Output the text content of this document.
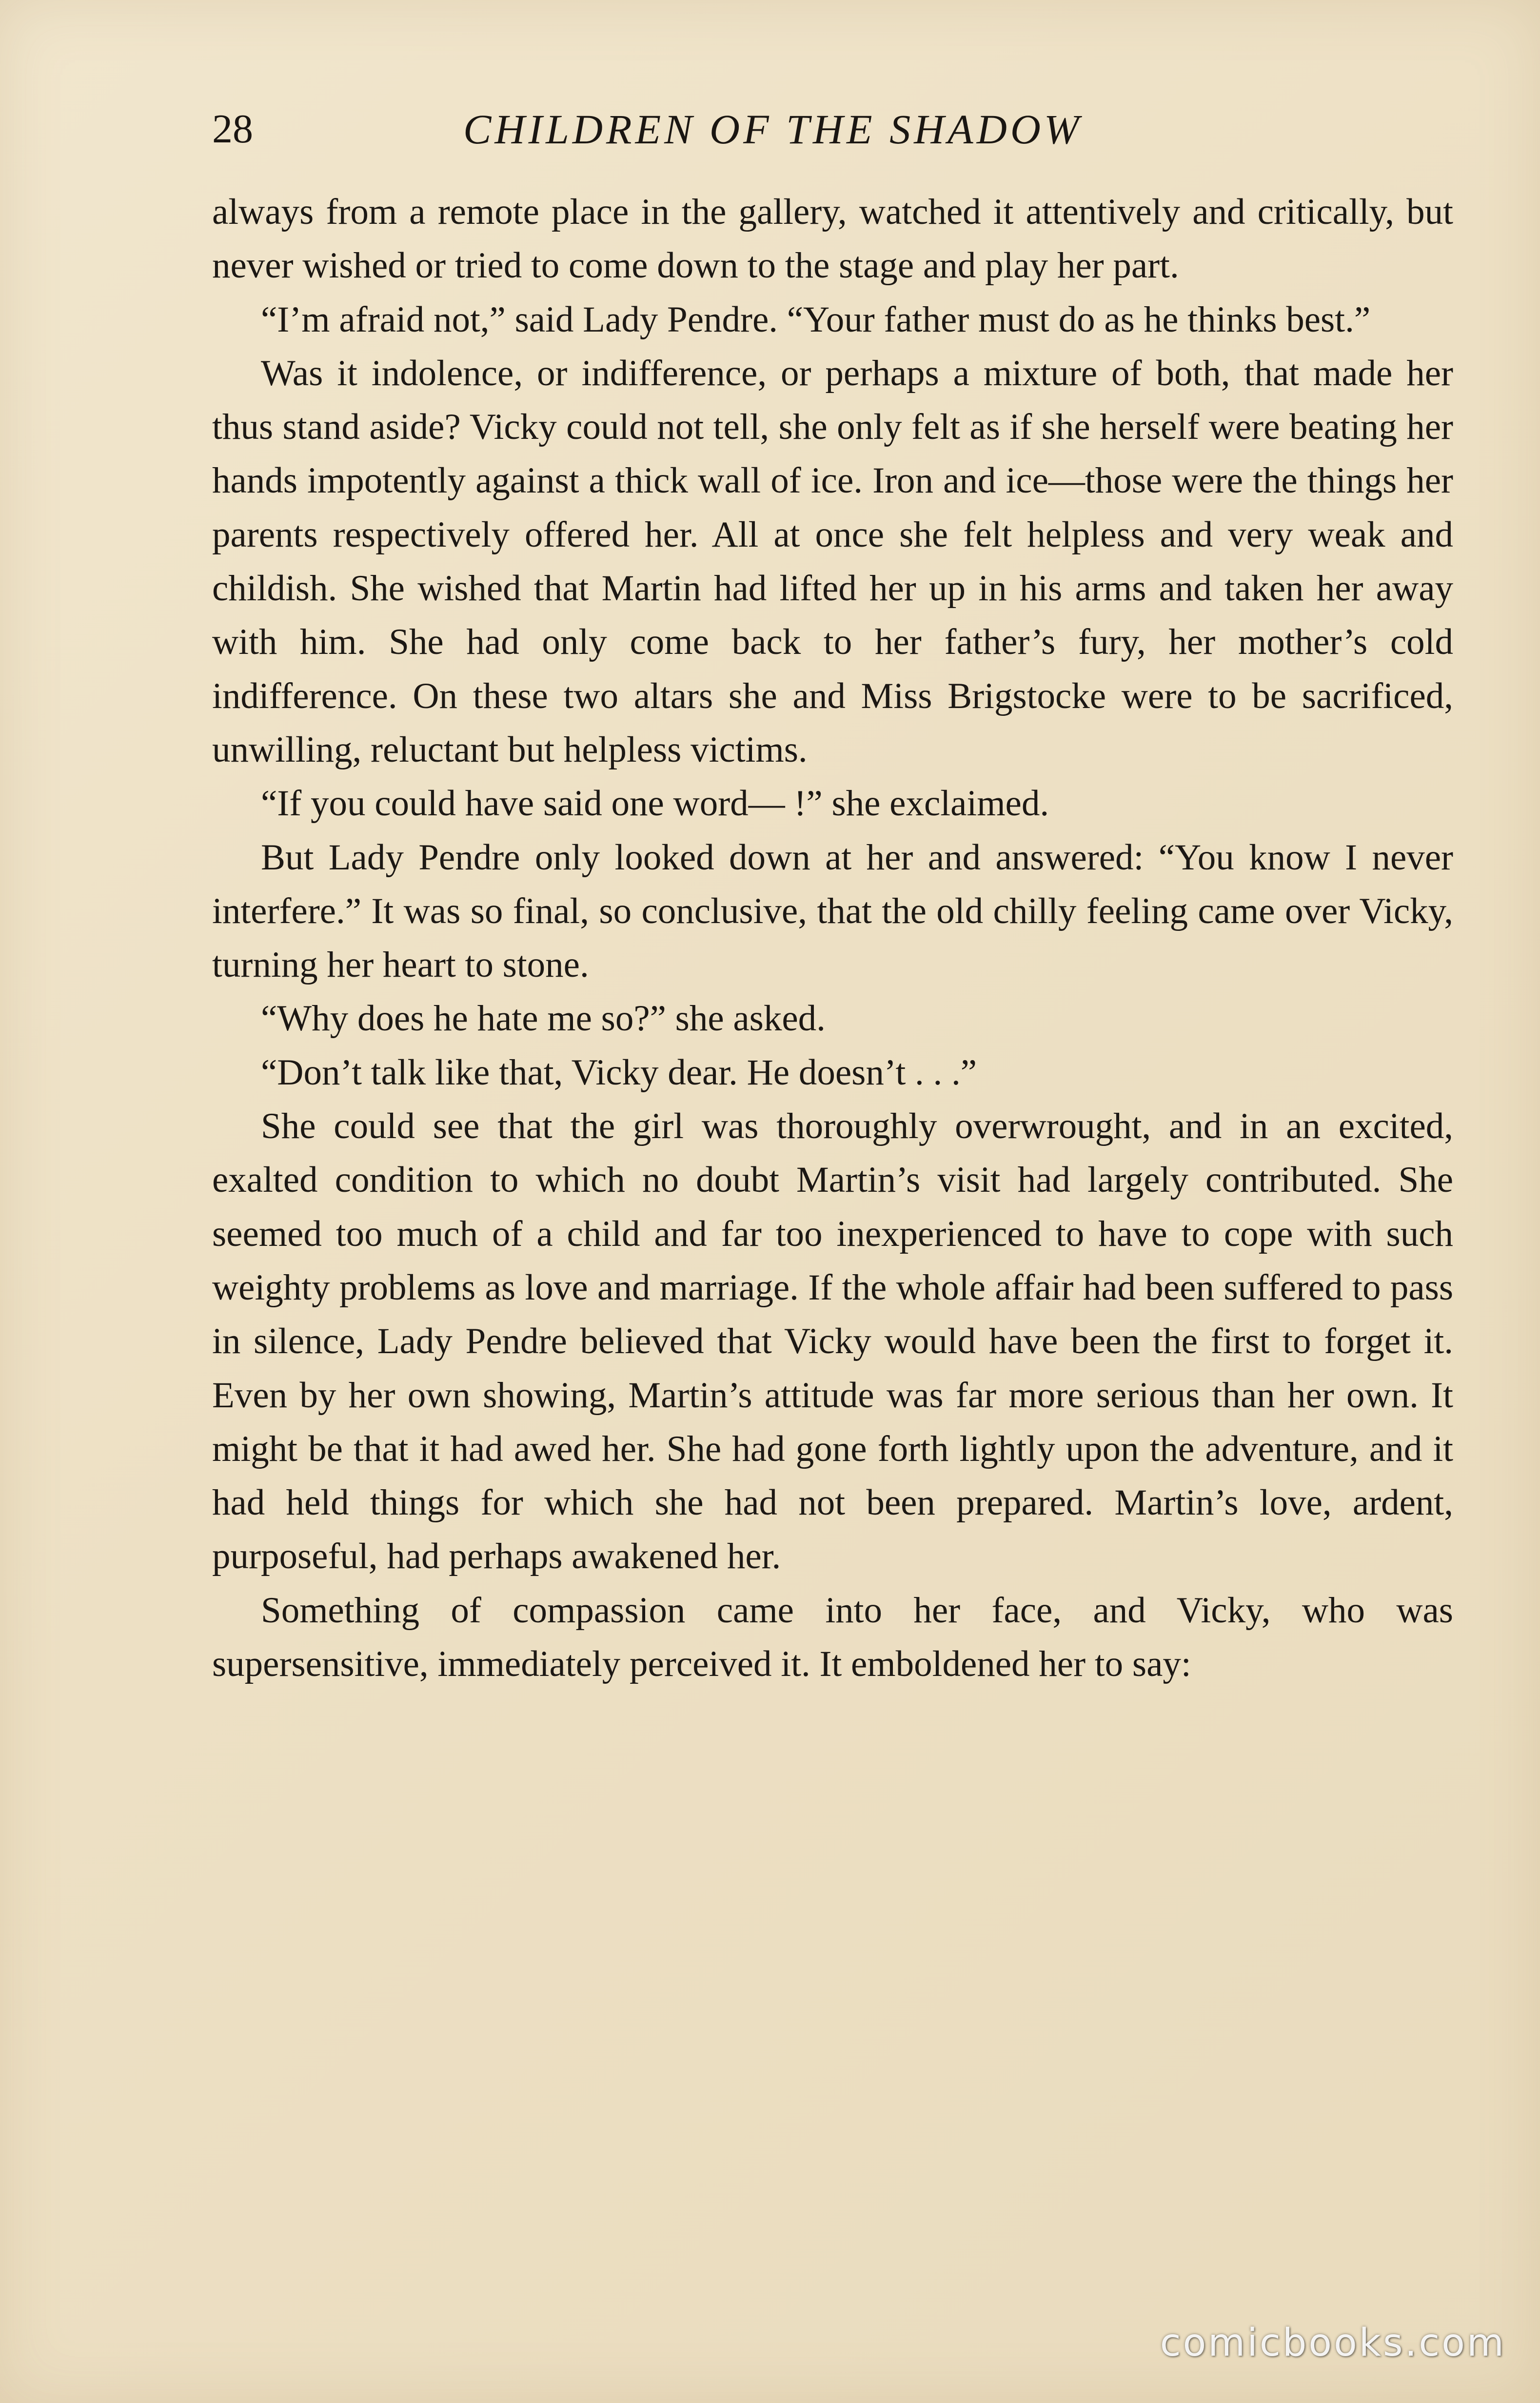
28	CHILDREN OF THE SHADOW

always from a remote place in the gallery, watched it attentively and critically, but never wished or tried to come down to the stage and play her part.

“I’m afraid not,” said Lady Pendre. “Your father must do as he thinks best.”

Was it indolence, or indifference, or perhaps a mixture of both, that made her thus stand aside? Vicky could not tell, she only felt as if she herself were beating her hands impotently against a thick wall of ice. Iron and ice—those were the things her parents respectively offered her. All at once she felt helpless and very weak and childish. She wished that Martin had lifted her up in his arms and taken her away with him. She had only come back to her father’s fury, her mother’s cold indifference. On these two altars she and Miss Brigstocke were to be sacrificed, unwilling, reluctant but helpless victims.

“If you could have said one word— !” she exclaimed.

But Lady Pendre only looked down at her and answered: “You know I never interfere.” It was so final, so conclusive, that the old chilly feeling came over Vicky, turning her heart to stone.

“Why does he hate me so?” she asked.

“Don’t talk like that, Vicky dear. He doesn’t . . .”

She could see that the girl was thoroughly overwrought, and in an excited, exalted condition to which no doubt Martin’s visit had largely contributed. She seemed too much of a child and far too inexperienced to have to cope with such weighty problems as love and marriage. If the whole affair had been suffered to pass in silence, Lady Pendre believed that Vicky would have been the first to forget it. Even by her own showing, Martin’s attitude was far more serious than her own. It might be that it had awed her. She had gone forth lightly upon the adventure, and it had held things for which she had not been prepared. Martin’s love, ardent, purposeful, had perhaps awakened her.

Something of compassion came into her face, and Vicky, who was supersensitive, immediately perceived it. It emboldened her to say:

comicbooks.com
